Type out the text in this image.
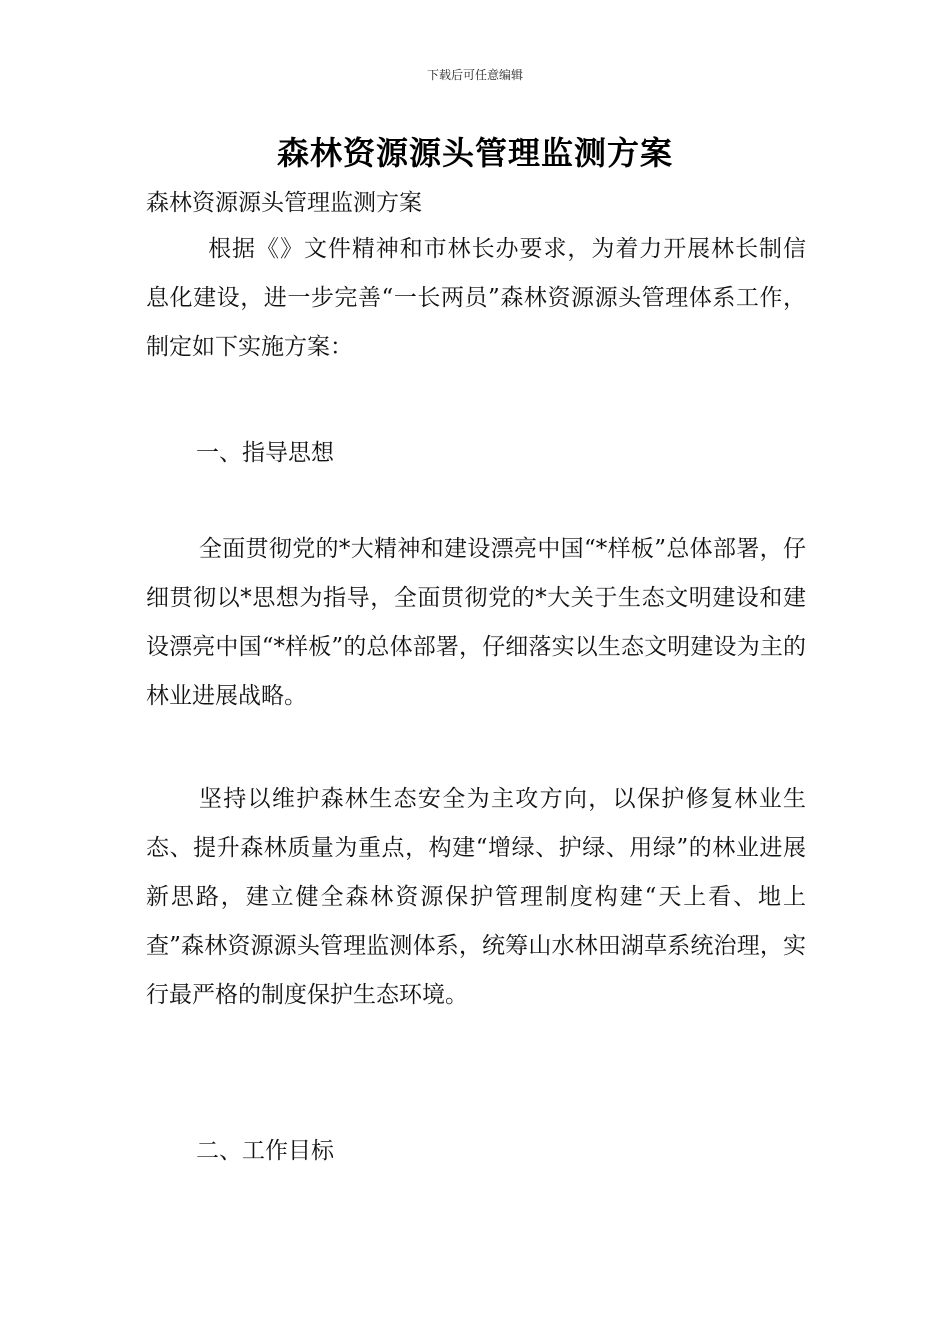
下载后可任意编辑
森林资源源头管理监测方案
森林资源源头管理监测方案
根据《》文件精神和市林长办要求，为着力开展林长制信息化建设，进一步完善“一长两员”森林资源源头管理体系工作，制定如下实施方案：
一、指导思想
全面贯彻党的*大精神和建设漂亮中国“*样板”总体部署，仔细贯彻以*思想为指导，全面贯彻党的*大关于生态文明建设和建设漂亮中国“*样板”的总体部署，仔细落实以生态文明建设为主的林业进展战略。
坚持以维护森林生态安全为主攻方向，以保护修复林业生态、提升森林质量为重点，构建“增绿、护绿、用绿”的林业进展新思路，建立健全森林资源保护管理制度构建“天上看、地上查”森林资源源头管理监测体系，统筹山水林田湖草系统治理，实行最严格的制度保护生态环境。
二、工作目标
